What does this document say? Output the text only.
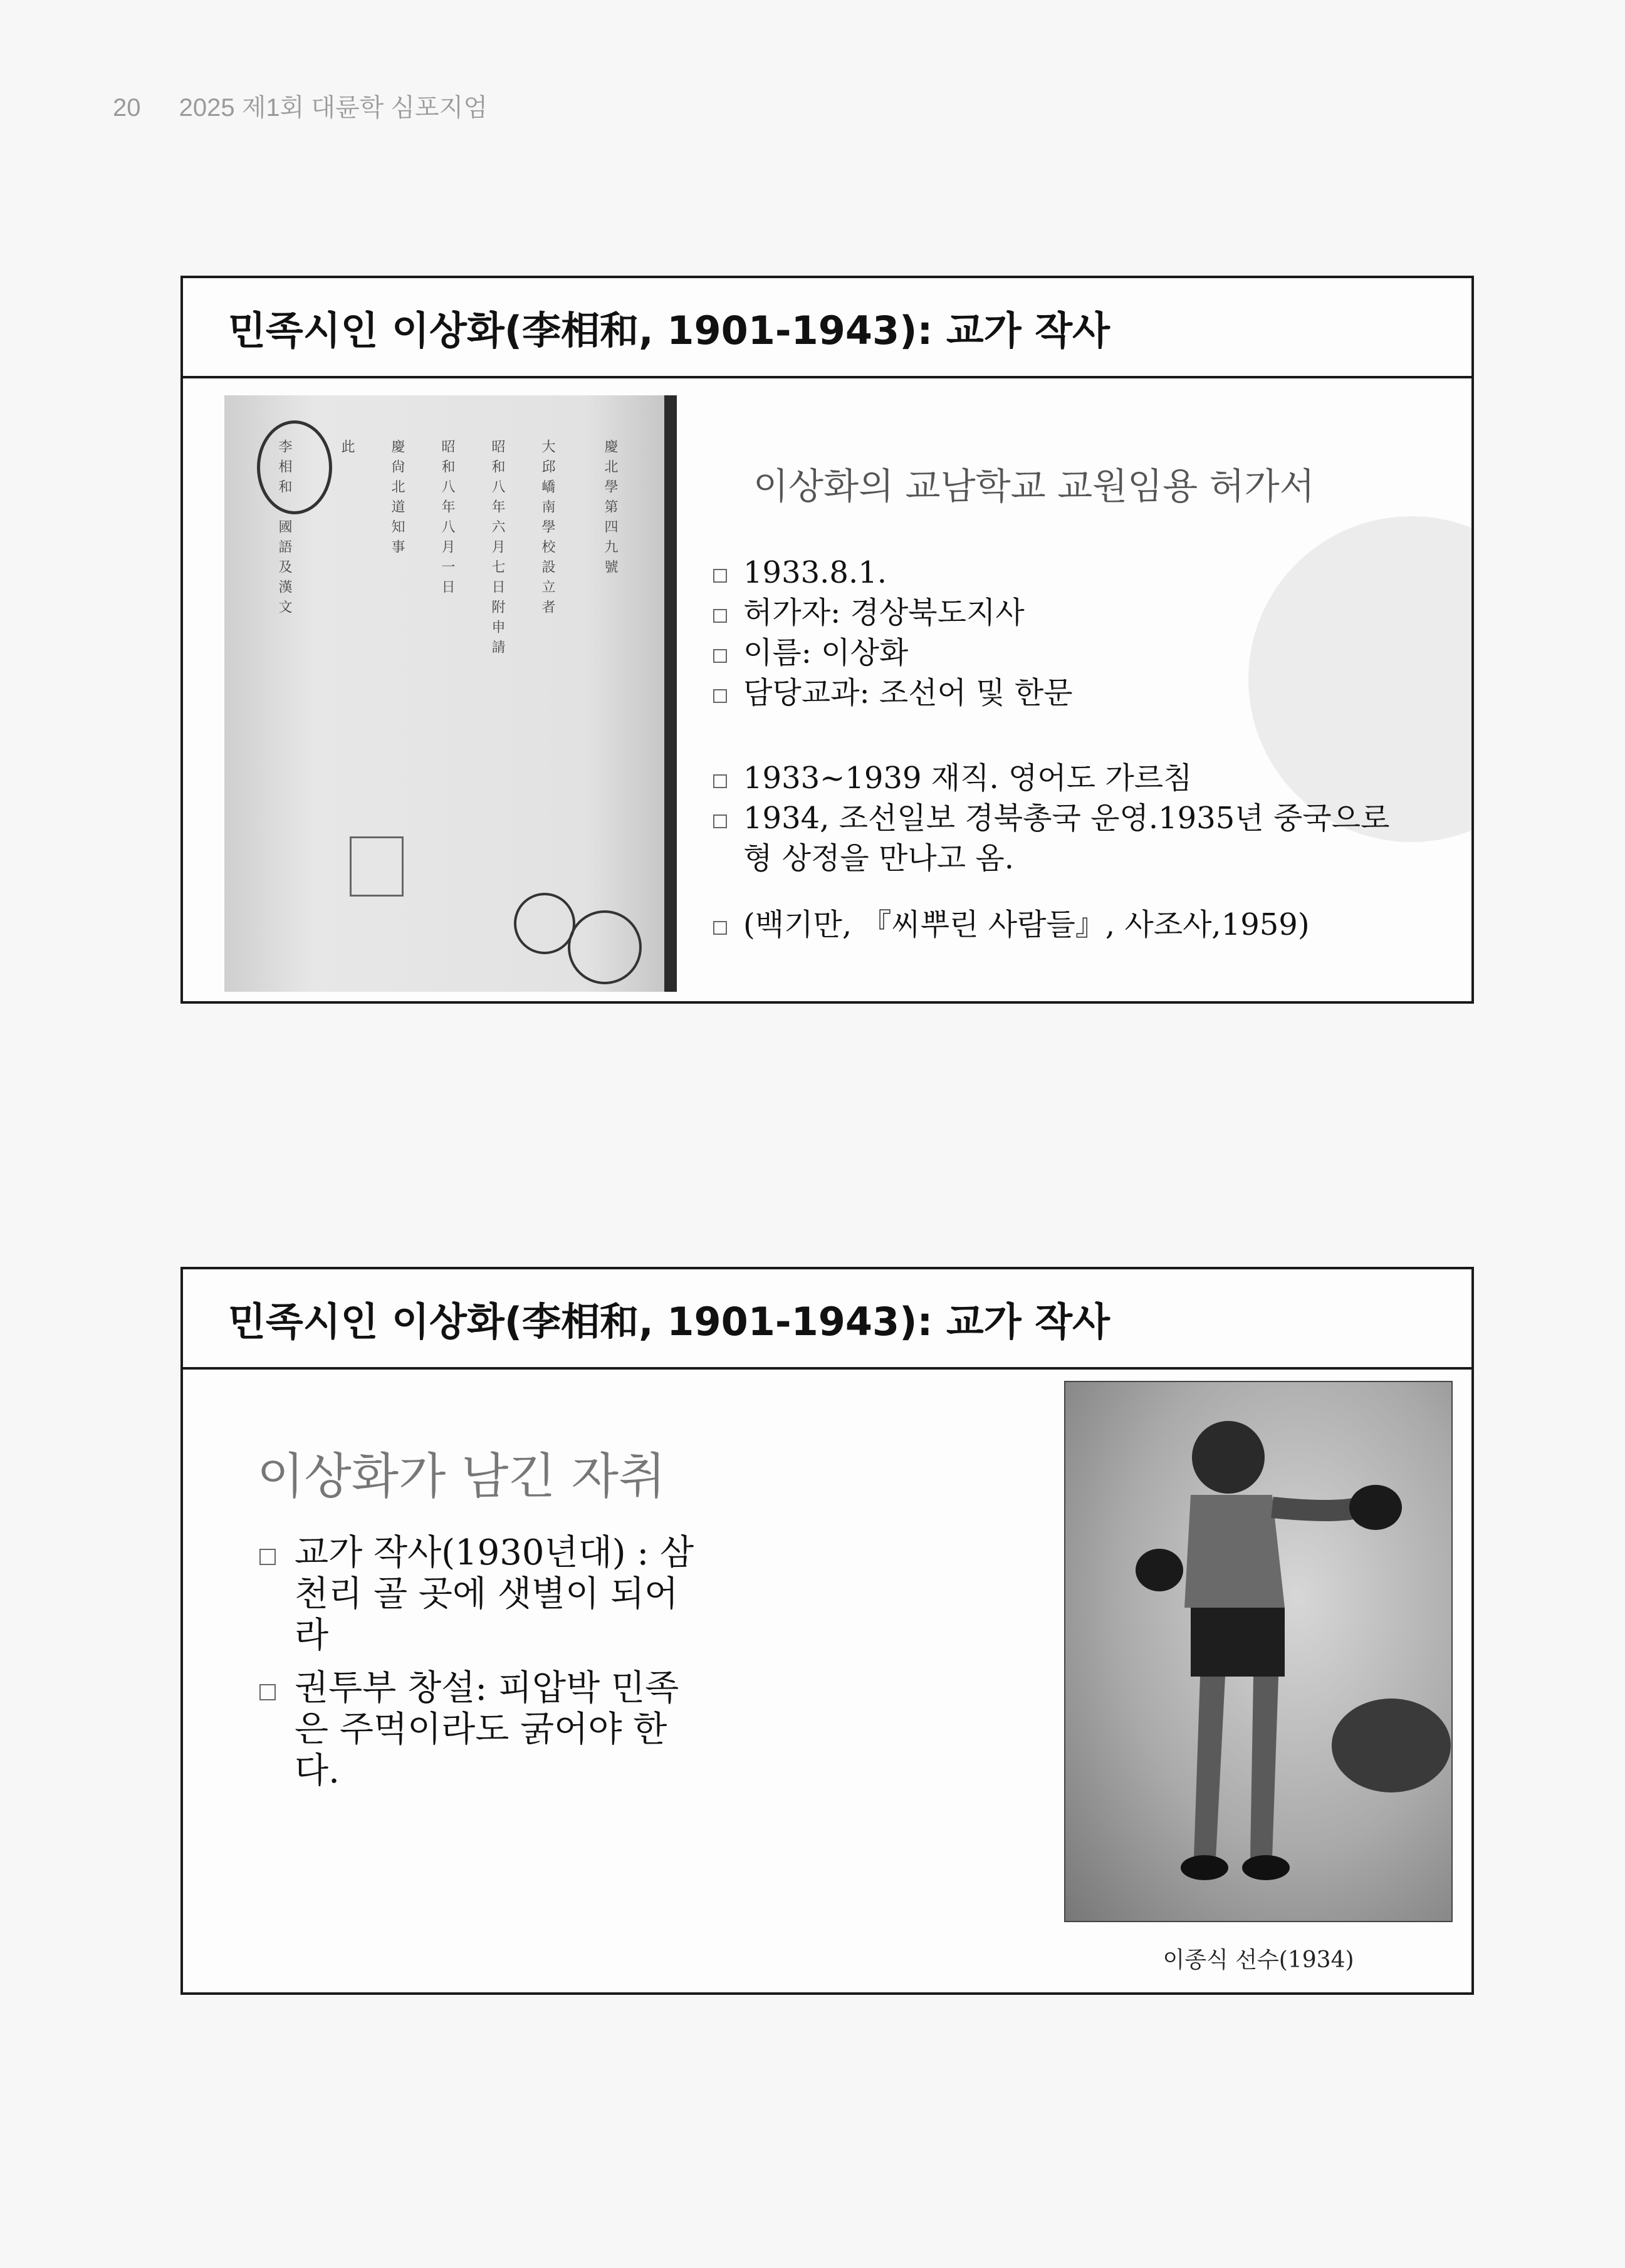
20 2025 제1회 대륜학 심포지엄
민족시인 이상화(李相和, 1901-1943): 교가 작사
李相和　國語及漢文	此	慶尙北道知事	昭和八年八月一日	昭和八年六月七日附申請	大邱嶠南學校設立者	慶北學第四九號	이상화의 교남학교 교원임용 허가서
1933.8.1.
허가자: 경상북도지사
이름: 이상화
담당교과: 조선어 및 한문
1933~1939 재직. 영어도 가르침
1934, 조선일보 경북총국 운영.1935년 중국으로 형 상정을 만나고 옴.
(백기만, 『씨뿌린 사람들』, 사조사,1959)
민족시인 이상화(李相和, 1901-1943): 교가 작사
이상화가 남긴 자취
교가 작사(1930년대) : 삼천리 골 곳에 샛별이 되어라
권투부 창설: 피압박 민족은 주먹이라도 굵어야 한다.
이종식 선수(1934)
